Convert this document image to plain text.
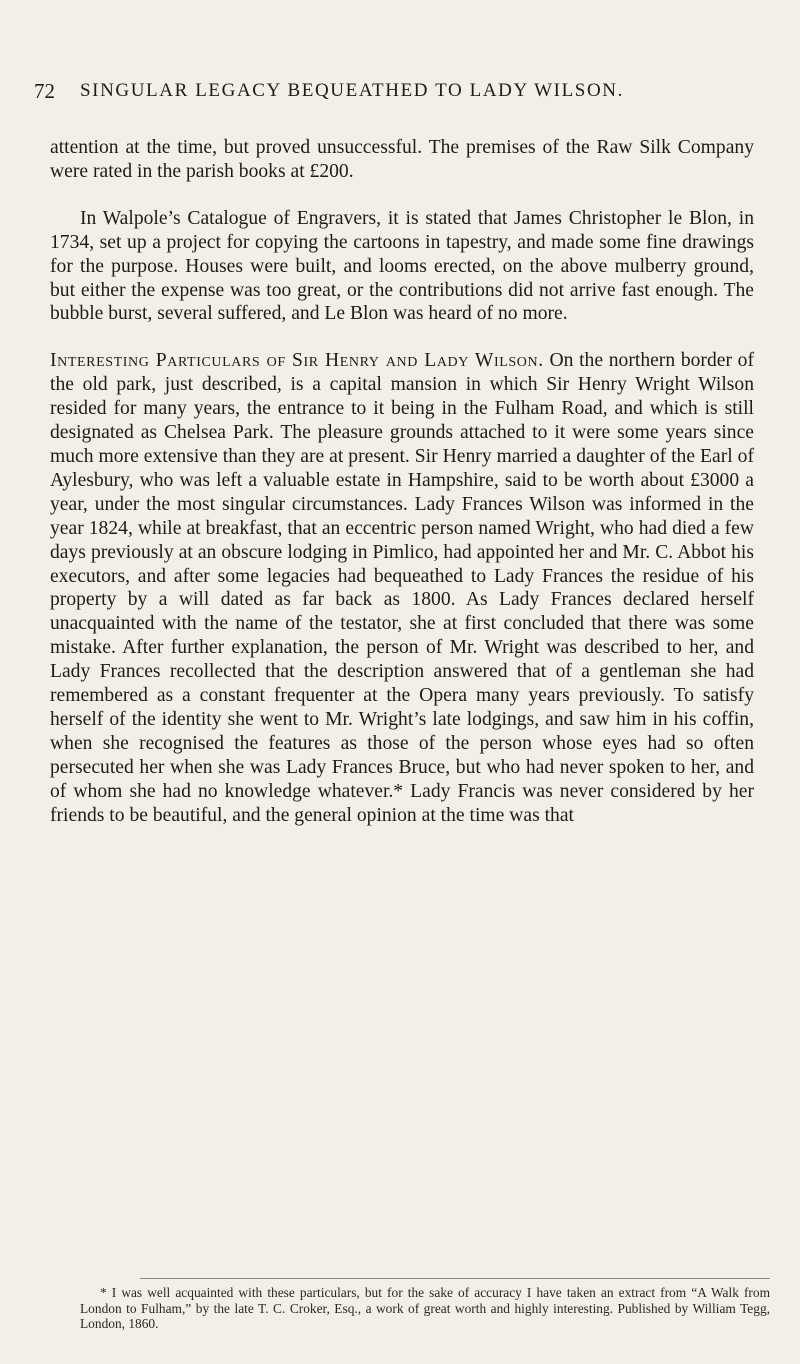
72 SINGULAR LEGACY BEQUEATHED TO LADY WILSON.

attention at the time, but proved unsuccessful. The premises of the Raw Silk Company were rated in the parish books at £200.

In Walpole’s Catalogue of Engravers, it is stated that James Christopher le Blon, in 1734, set up a project for copying the cartoons in tapestry, and made some fine drawings for the purpose. Houses were built, and looms erected, on the above mulberry ground, but either the expense was too great, or the contributions did not arrive fast enough. The bubble burst, several suffered, and Le Blon was heard of no more.

Interesting Particulars of Sir Henry and Lady Wilson. On the northern border of the old park, just described, is a capital mansion in which Sir Henry Wright Wilson resided for many years, the entrance to it being in the Fulham Road, and which is still designated as Chelsea Park. The pleasure grounds attached to it were some years since much more extensive than they are at present. Sir Henry married a daughter of the Earl of Aylesbury, who was left a valuable estate in Hampshire, said to be worth about £3000 a year, under the most singular circumstances. Lady Frances Wilson was informed in the year 1824, while at breakfast, that an eccentric person named Wright, who had died a few days previously at an obscure lodging in Pimlico, had appointed her and Mr. C. Abbot his executors, and after some legacies had bequeathed to Lady Frances the residue of his property by a will dated as far back as 1800. As Lady Frances declared herself unacquainted with the name of the testator, she at first concluded that there was some mistake. After further explanation, the person of Mr. Wright was described to her, and Lady Frances recollected that the description answered that of a gentleman she had remembered as a constant frequenter at the Opera many years previously. To satisfy herself of the identity she went to Mr. Wright’s late lodgings, and saw him in his coffin, when she recognised the features as those of the person whose eyes had so often persecuted her when she was Lady Frances Bruce, but who had never spoken to her, and of whom she had no knowledge whatever.* Lady Francis was never considered by her friends to be beautiful, and the general opinion at the time was that

* I was well acquainted with these particulars, but for the sake of accuracy I have taken an extract from “A Walk from London to Fulham,” by the late T. C. Croker, Esq., a work of great worth and highly interesting. Published by William Tegg, London, 1860.
